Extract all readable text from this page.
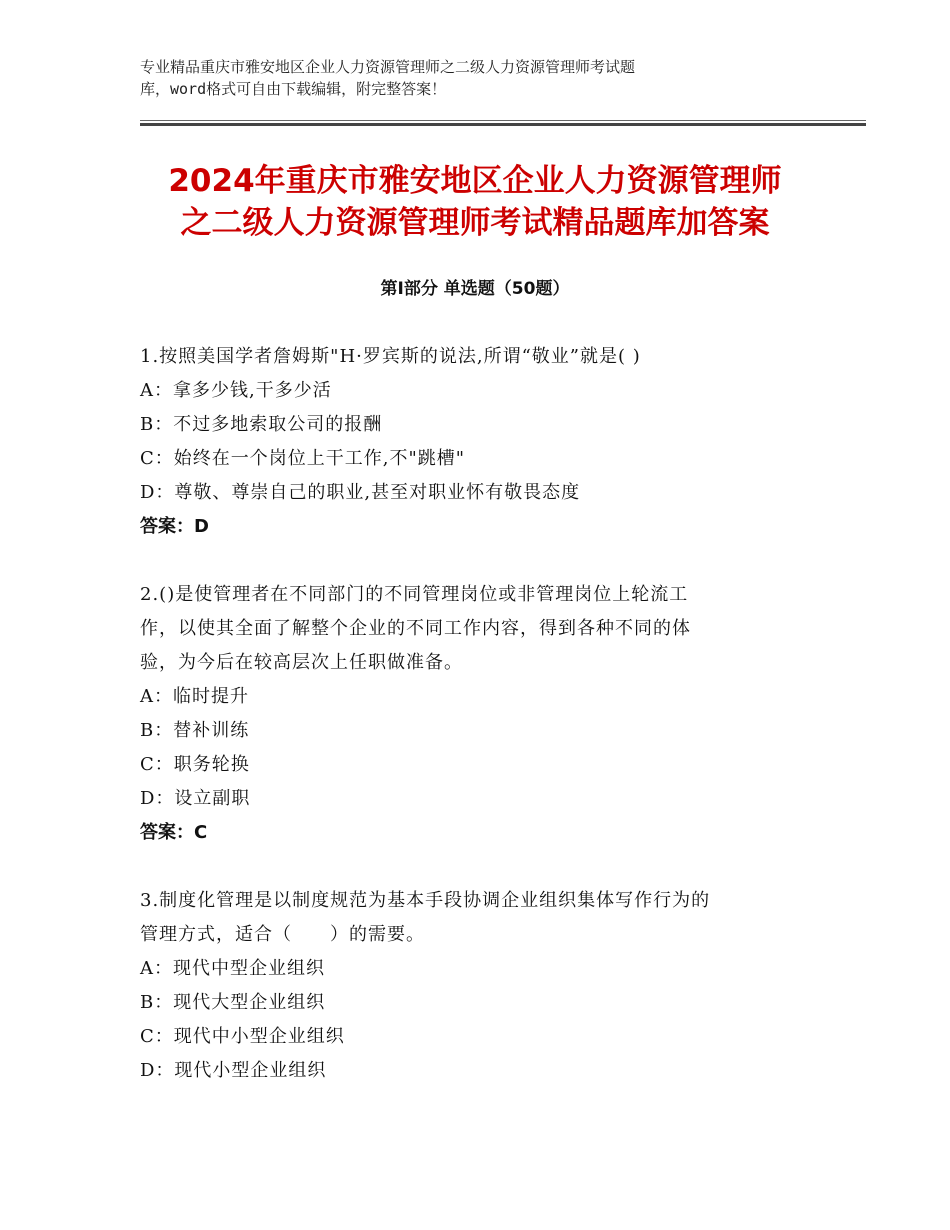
专业精品重庆市雅安地区企业人力资源管理师之二级人力资源管理师考试题
库，word格式可自由下载编辑，附完整答案！

2024年重庆市雅安地区企业人力资源管理师
之二级人力资源管理师考试精品题库加答案
第Ⅰ部分 单选题（50题）

1.按照美国学者詹姆斯"H·罗宾斯的说法,所谓“敬业”就是( )

A：拿多少钱,干多少活

B：不过多地索取公司的报酬

C：始终在一个岗位上干工作,不"跳槽"

D：尊敬、尊崇自己的职业,甚至对职业怀有敬畏态度

答案：D

2.()是使管理者在不同部门的不同管理岗位或非管理岗位上轮流工

作，以使其全面了解整个企业的不同工作内容，得到各种不同的体

验，为今后在较高层次上任职做准备。

A：临时提升

B：替补训练

C：职务轮换

D：设立副职

答案：C

3.制度化管理是以制度规范为基本手段协调企业组织集体写作行为的

管理方式，适合（　　）的需要。

A：现代中型企业组织

B：现代大型企业组织

C：现代中小型企业组织

D：现代小型企业组织
